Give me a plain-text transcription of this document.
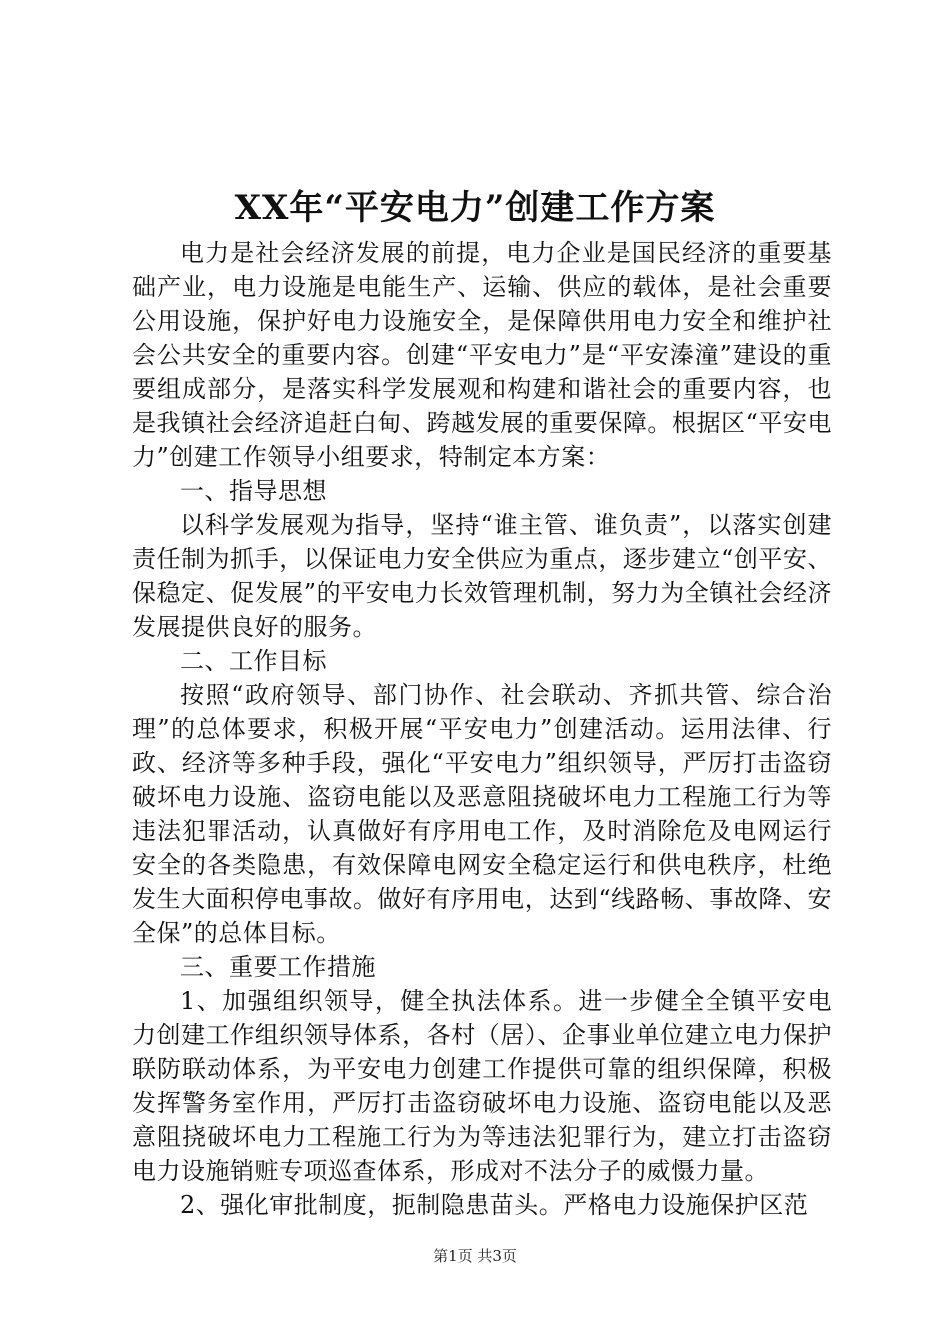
XX年“平安电力”创建工作方案

电力是社会经济发展的前提，电力企业是国民经济的重要基础产业，电力设施是电能生产、运输、供应的载体，是社会重要公用设施，保护好电力设施安全，是保障供用电力安全和维护社会公共安全的重要内容。创建“平安电力”是“平安溱潼”建设的重要组成部分，是落实科学发展观和构建和谐社会的重要内容，也是我镇社会经济追赶白甸、跨越发展的重要保障。根据区“平安电力”创建工作领导小组要求，特制定本方案：

一、指导思想

以科学发展观为指导，坚持“谁主管、谁负责”，以落实创建责任制为抓手，以保证电力安全供应为重点，逐步建立“创平安、保稳定、促发展”的平安电力长效管理机制，努力为全镇社会经济发展提供良好的服务。

二、工作目标

按照“政府领导、部门协作、社会联动、齐抓共管、综合治理”的总体要求，积极开展“平安电力”创建活动。运用法律、行政、经济等多种手段，强化“平安电力”组织领导，严厉打击盗窃破坏电力设施、盗窃电能以及恶意阻挠破坏电力工程施工行为等违法犯罪活动，认真做好有序用电工作，及时消除危及电网运行安全的各类隐患，有效保障电网安全稳定运行和供电秩序，杜绝发生大面积停电事故。做好有序用电，达到“线路畅、事故降、安全保”的总体目标。

三、重要工作措施

1、加强组织领导，健全执法体系。进一步健全全镇平安电力创建工作组织领导体系，各村（居）、企事业单位建立电力保护联防联动体系，为平安电力创建工作提供可靠的组织保障，积极发挥警务室作用，严厉打击盗窃破坏电力设施、盗窃电能以及恶意阻挠破坏电力工程施工行为为等违法犯罪行为，建立打击盗窃电力设施销赃专项巡查体系，形成对不法分子的威慑力量。

2、强化审批制度，扼制隐患苗头。严格电力设施保护区范

第1页 共3页
